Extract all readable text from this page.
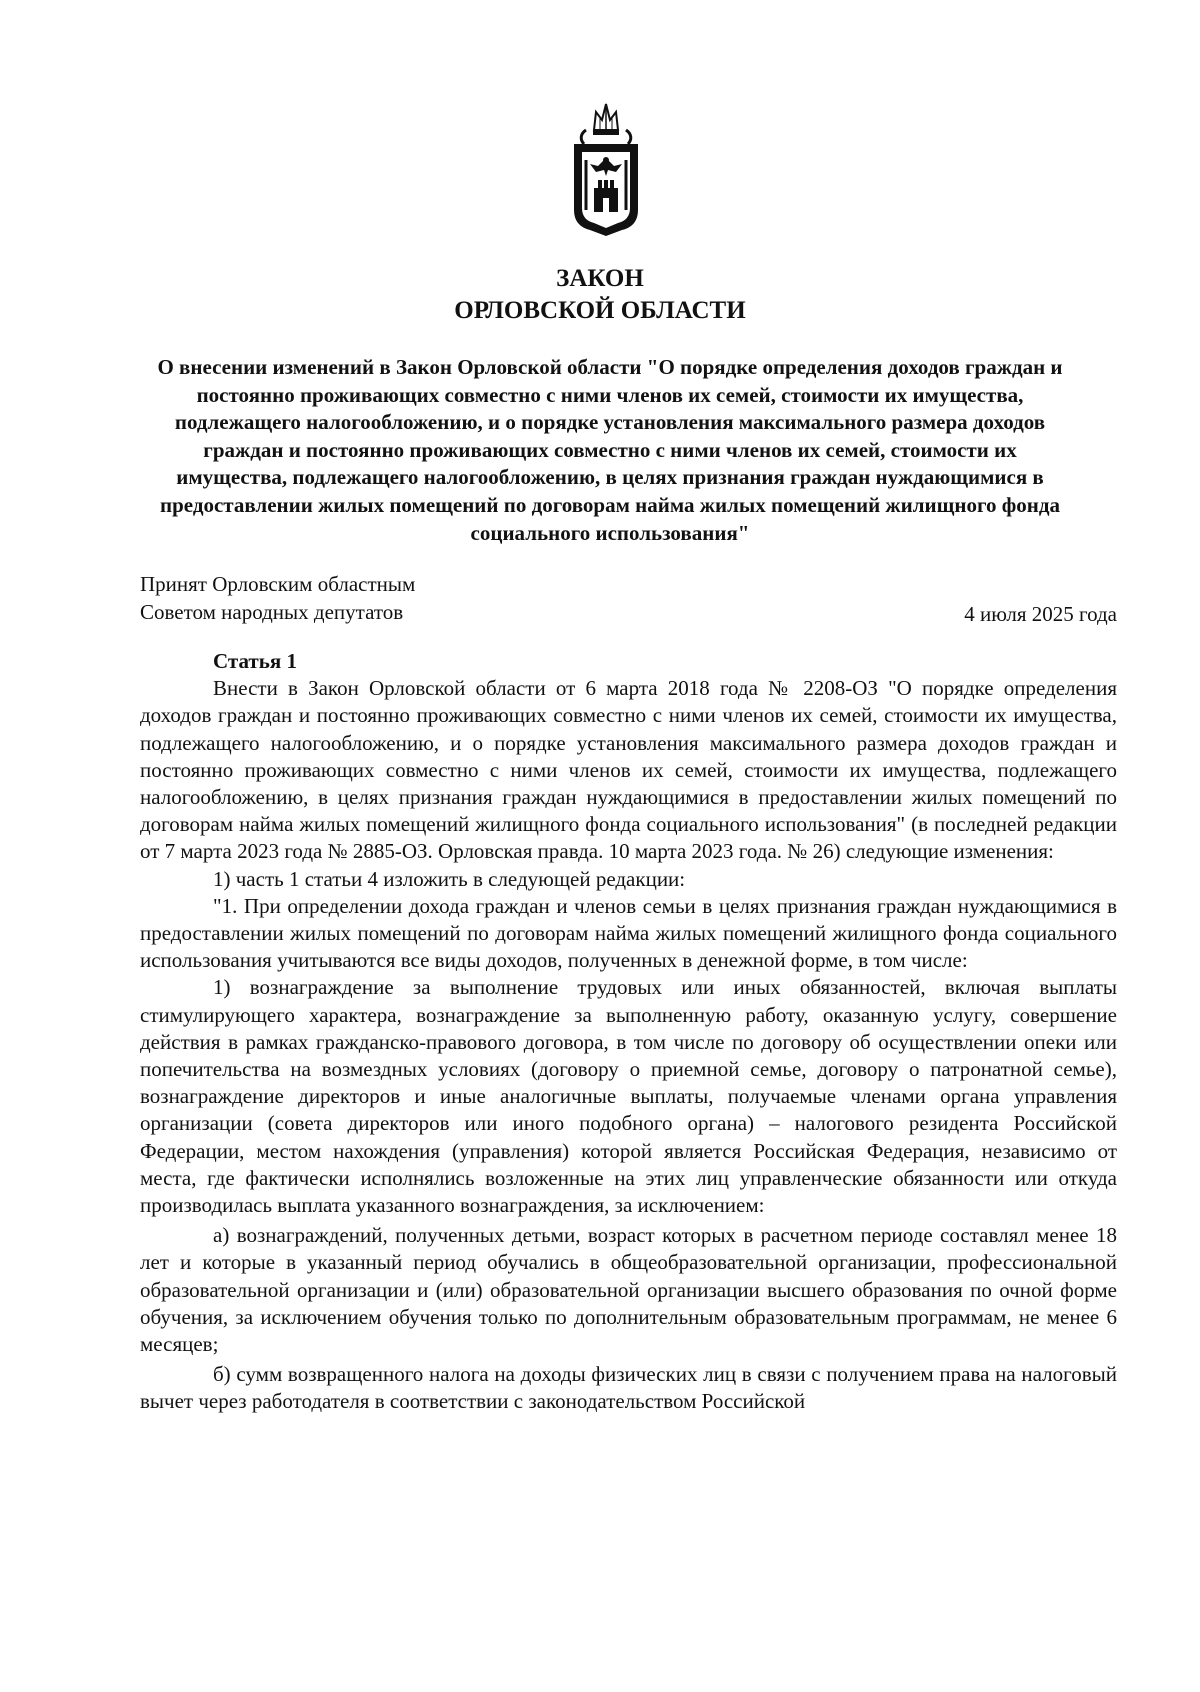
ЗАКОН
ОРЛОВСКОЙ ОБЛАСТИ
О внесении изменений в Закон Орловской области "О порядке определения доходов граждан и постоянно проживающих совместно с ними членов их семей, стоимости их имущества, подлежащего налогообложению, и о порядке установления максимального размера доходов граждан и постоянно проживающих совместно с ними членов их семей, стоимости их имущества, подлежащего налогообложению, в целях признания граждан нуждающимися в предоставлении жилых помещений по договорам найма жилых помещений жилищного фонда социального использования"
Принят Орловским областным
Советом народных депутатов	4 июля 2025 года

Статья 1

Внести в Закон Орловской области от 6 марта 2018 года № 2208-ОЗ "О порядке определения доходов граждан и постоянно проживающих совместно с ними членов их семей, стоимости их имущества, подлежащего налогообложению, и о порядке установления максимального размера доходов граждан и постоянно проживающих совместно с ними членов их семей, стоимости их имущества, подлежащего налогообложению, в целях признания граждан нуждающимися в предоставлении жилых помещений по договорам найма жилых помещений жилищного фонда социального использования" (в последней редакции от 7 марта 2023 года № 2885-ОЗ. Орловская правда. 10 марта 2023 года. № 26) следующие изменения:

1) часть 1 статьи 4 изложить в следующей редакции:

"1. При определении дохода граждан и членов семьи в целях признания граждан нуждающимися в предоставлении жилых помещений по договорам найма жилых помещений жилищного фонда социального использования учитываются все виды доходов, полученных в денежной форме, в том числе:

1) вознаграждение за выполнение трудовых или иных обязанностей, включая выплаты стимулирующего характера, вознаграждение за выполненную работу, оказанную услугу, совершение действия в рамках гражданско-правового договора, в том числе по договору об осуществлении опеки или попечительства на возмездных условиях (договору о приемной семье, договору о патронатной семье), вознаграждение директоров и иные аналогичные выплаты, получаемые членами органа управления организации (совета директоров или иного подобного органа) – налогового резидента Российской Федерации, местом нахождения (управления) которой является Российская Федерация, независимо от места, где фактически исполнялись возложенные на этих лиц управленческие обязанности или откуда производилась выплата указанного вознаграждения, за исключением:

а) вознаграждений, полученных детьми, возраст которых в расчетном периоде составлял менее 18 лет и которые в указанный период обучались в общеобразовательной организации, профессиональной образовательной организации и (или) образовательной организации высшего образования по очной форме обучения, за исключением обучения только по дополнительным образовательным программам, не менее 6 месяцев;

б) сумм возвращенного налога на доходы физических лиц в связи с получением права на налоговый вычет через работодателя в соответствии с законодательством Российской
